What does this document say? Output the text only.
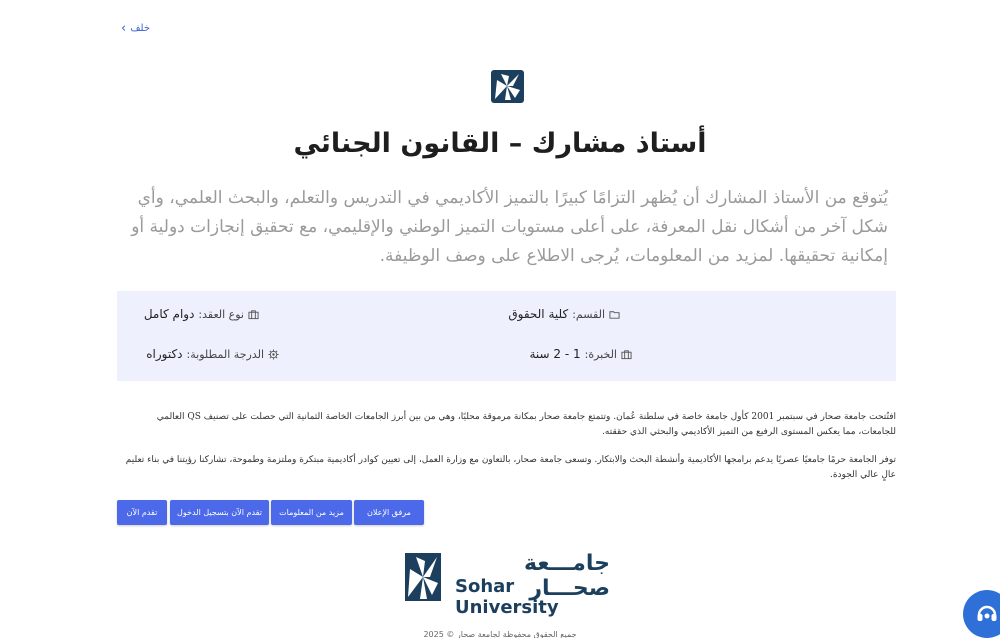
‹ خلف
أستاذ مشارك – القانون الجنائي

يُتوقع من الأستاذ المشارك أن يُظهر التزامًا كبيرًا بالتميز الأكاديمي في التدريس والتعلم، والبحث العلمي، وأي شكل آخر من أشكال نقل المعرفة، على أعلى مستويات التميز الوطني والإقليمي، مع تحقيق إنجازات دولية أو إمكانية تحقيقها. لمزيد من المعلومات، يُرجى الاطلاع على وصف الوظيفة.

القسم:
كلية الحقوق
نوع العقد:
دوام كامل
الخبرة:
1 - 2 سنة
الدرجة المطلوبة:
دكتوراه

افتُتحت جامعة صحار في سبتمبر 2001 كأول جامعة خاصة في سلطنة عُمان. وتتمتع جامعة صحار بمكانة مرموقة محليًا، وهي من بين أبرز الجامعات الخاصة الثمانية التي حصلت على تصنيف QS العالمي للجامعات، مما يعكس المستوى الرفيع من التميز الأكاديمي والبحثي الذي حققته.

توفر الجامعة حرمًا جامعيًا عصريًا يدعم برامجها الأكاديمية وأنشطة البحث والابتكار. وتسعى جامعة صحار، بالتعاون مع وزارة العمل، إلى تعيين كوادر أكاديمية مبتكرة وملتزمة وطموحة، تشاركنا رؤيتنا في بناء تعليم عالٍ عالي الجودة.

مرفق الإعلان
مزيد من المعلومات
تقدم الآن بتسجيل الدخول
تقدم الآن
جامـــعة صحـــار
Sohar University
جميع الحقوق محفوظة لجامعة صحار © 2025
